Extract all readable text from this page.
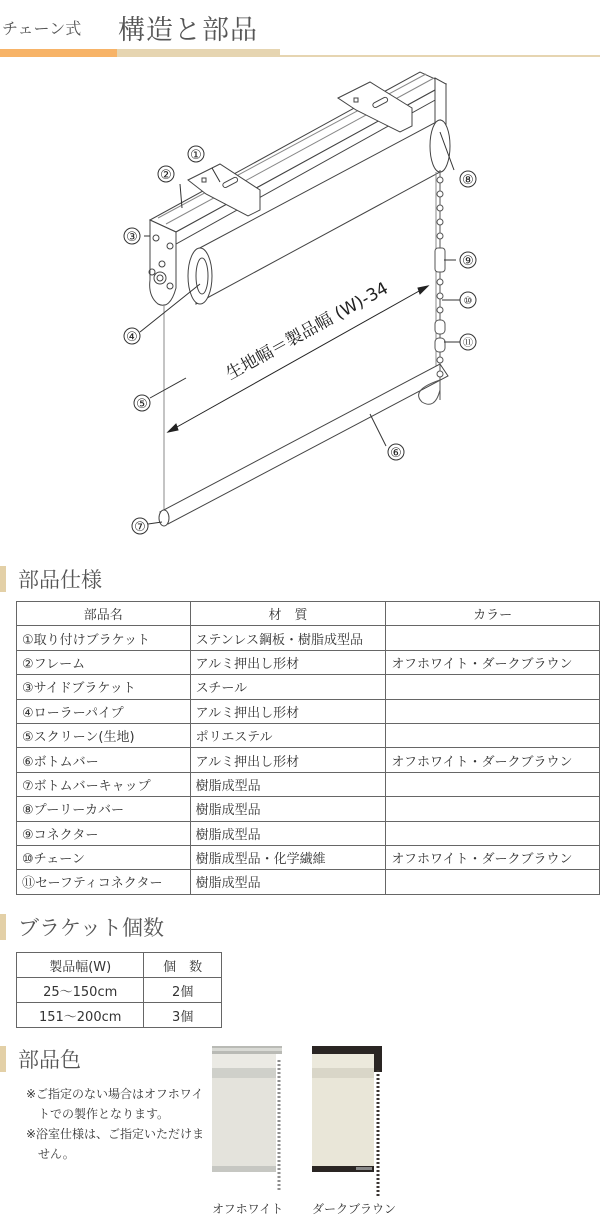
チェーン式 構造と部品
生地幅＝製品幅 (W)-34
①
②
③
④
⑤
⑥
⑦
⑧
⑨
⑩
⑪
部品仕様
部品名	材　質	カラー
①取り付けブラケット	ステンレス鋼板・樹脂成型品	
②フレーム	アルミ押出し形材	オフホワイト・ダークブラウン
③サイドブラケット	スチール	
④ローラーパイプ	アルミ押出し形材	
⑤スクリーン(生地)	ポリエステル	
⑥ボトムバー	アルミ押出し形材	オフホワイト・ダークブラウン
⑦ボトムバーキャップ	樹脂成型品	
⑧プーリーカバー	樹脂成型品	
⑨コネクター	樹脂成型品	
⑩チェーン	樹脂成型品・化学繊維	オフホワイト・ダークブラウン
⑪セーフティコネクター	樹脂成型品	
ブラケット個数
製品幅(W)	個　数
25〜150cm	2個
151〜200cm	3個
部品色

※ご指定のない場合はオフホワイトでの製作となります。

※浴室仕様は、ご指定いただけません。

オフホワイト ダークブラウン
